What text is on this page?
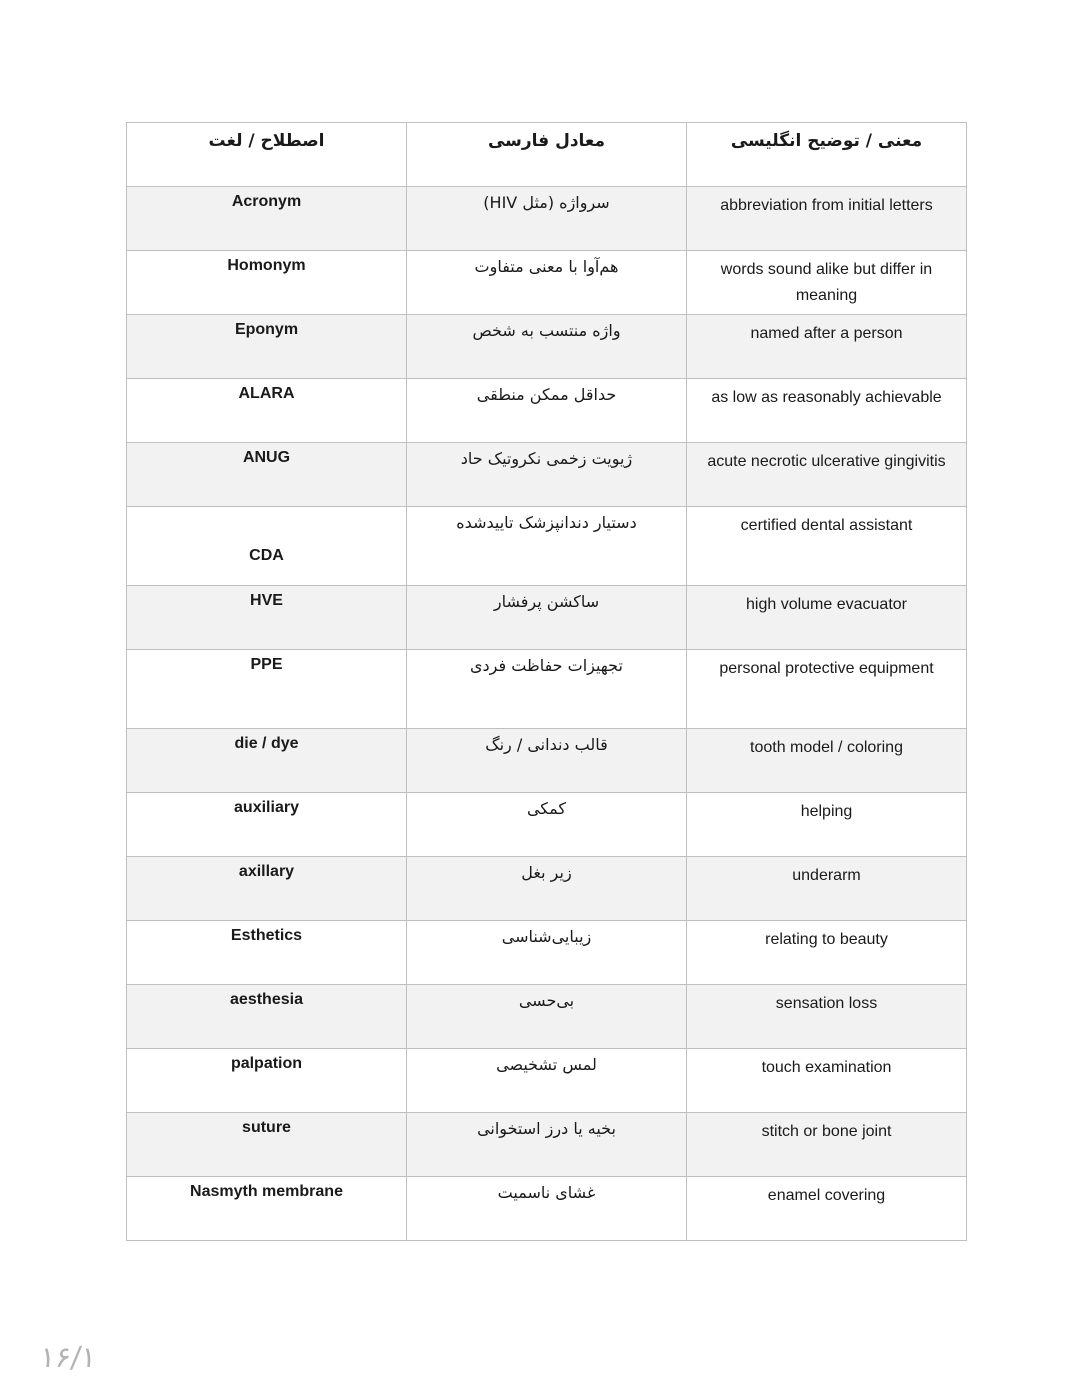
اصطلاح / لغت	معادل فارسی	معنی / توضیح انگلیسی
Acronym	سرواژه (مثل HIV)	abbreviation from initial letters
Homonym	هم‌آوا با معنی متفاوت	words sound alike but differ in meaning
Eponym	واژه منتسب به شخص	named after a person
ALARA	حداقل ممکن منطقی	as low as reasonably achievable
ANUG	ژیویت زخمی نکروتیک حاد	acute necrotic ulcerative gingivitis
CDA	دستیار دندانپزشک تاییدشده	certified dental assistant
HVE	ساکشن پرفشار	high volume evacuator
PPE	تجهیزات حفاظت فردی	personal protective equipment
die / dye	قالب دندانی / رنگ	tooth model / coloring
auxiliary	کمکی	helping
axillary	زیر بغل	underarm
Esthetics	زیبایی‌شناسی	relating to beauty
aesthesia	بی‌حسی	sensation loss
palpation	لمس تشخیصی	touch examination
suture	بخیه یا درز استخوانی	stitch or bone joint
Nasmyth membrane	غشای ناسمیت	enamel covering
۱۶/۱
